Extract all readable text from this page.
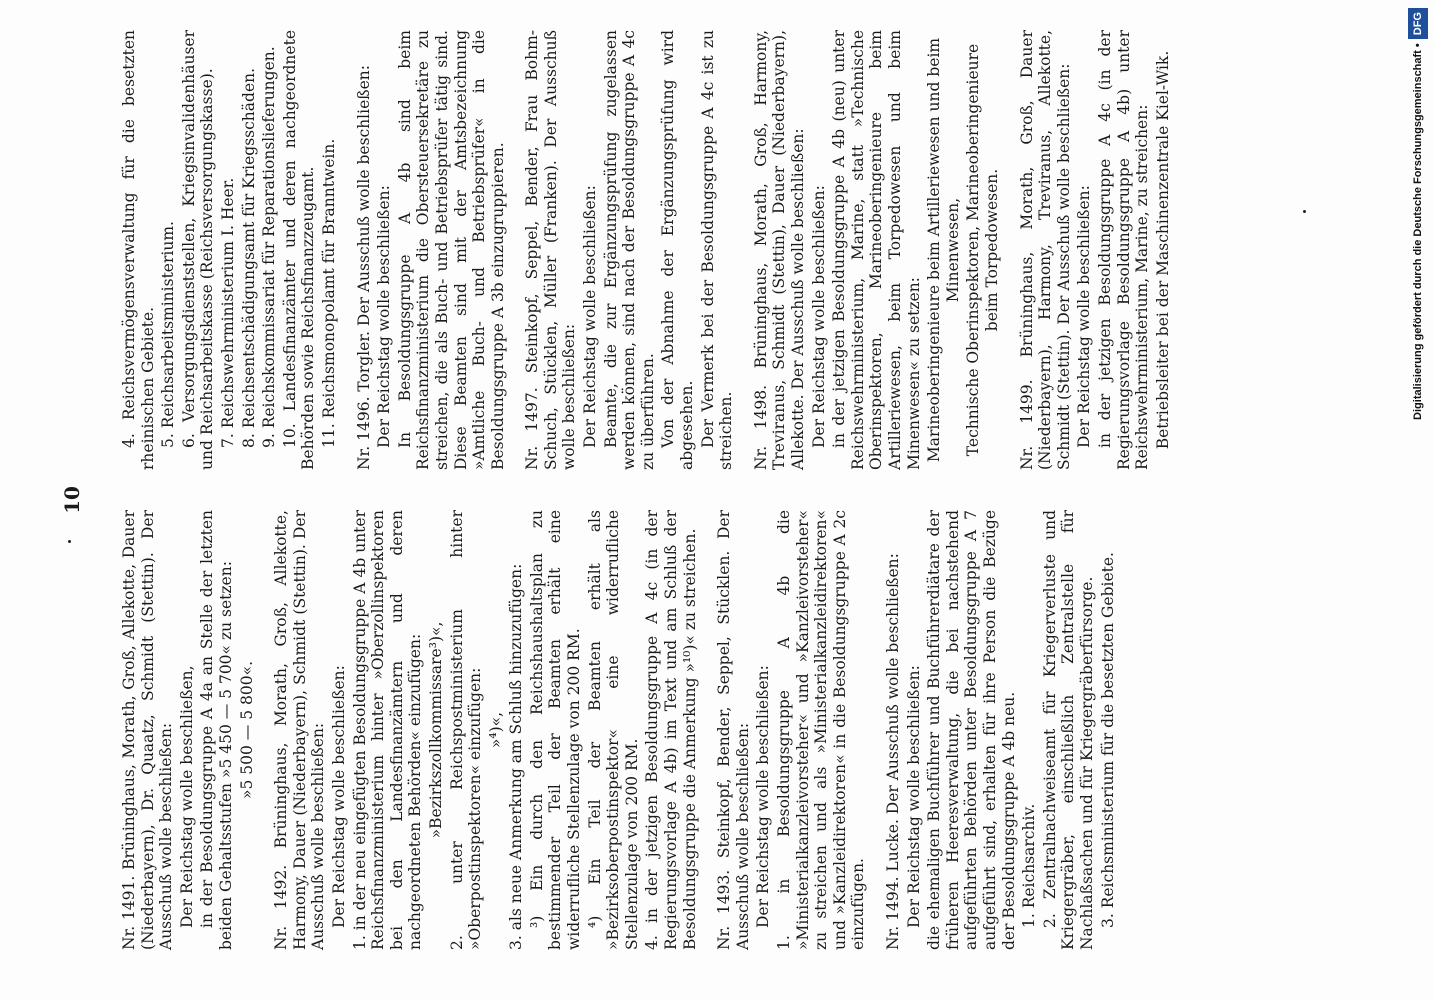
10

Nr. 1491. Brüninghaus, Morath, Groß, Allekotte, Dauer (Niederbayern), Dr. Quaatz, Schmidt (Stettin). Der Ausschuß wolle beschließen: Der Reichstag wolle beschließen, in der Besoldungsgruppe A 4a an Stelle der letzten beiden Gehaltsstufen »5 450 — 5 700« zu setzen: »5 500 — 5 800«. Nr. 1492. Brüninghaus, Morath, Groß, Allekotte, Harmony, Dauer (Niederbayern), Schmidt (Stettin). Der Ausschuß wolle beschließen: Der Reichstag wolle beschließen: 1. in der neu eingefügten Besoldungsgruppe A 4b unter Reichsfinanzministerium hinter »Oberzollinspektoren bei den Landesfinanzämtern und deren nachgeordneten Behörden« einzufügen: »Bezirkszollkommissare³)«, 2. unter Reichspostministerium hinter »Oberpostinspektoren« einzufügen: »⁴)«, 3. als neue Anmerkung am Schluß hinzuzufügen: ³) Ein durch den Reichshaushaltsplan zu bestimmender Teil der Beamten erhält eine widerrufliche Stellenzulage von 200 RM. ⁴) Ein Teil der Beamten erhält als »Bezirksoberpostinspektor« eine widerrufliche Stellenzulage von 200 RM. 4. in der jetzigen Besoldungsgruppe A 4c (in der Regierungsvorlage A 4b) im Text und am Schluß der Besoldungsgruppe die Anmerkung »¹⁰)« zu streichen. Nr. 1493. Steinkopf, Bender, Seppel, Stücklen. Der Ausschuß wolle beschließen: Der Reichstag wolle beschließen: 1. in Besoldungsgruppe A 4b die »Ministerialkanzleivorsteher« und »Kanzleivorsteher« zu streichen und als »Ministerialkanzleidirektoren« und »Kanzleidirektoren« in die Besoldungsgruppe A 2c einzufügen. Nr. 1494. Lucke. Der Ausschuß wolle beschließen: Der Reichstag wolle beschließen: die ehemaligen Buchführer und Buchführerdiätare der früheren Heeresverwaltung, die bei nachstehend aufgeführten Behörden unter Besoldungsgruppe A 7 aufgeführt sind, erhalten für ihre Person die Bezüge der Besoldungsgruppe A 4b neu. 1. Reichsarchiv. 2. Zentralnachweiseamt für Kriegerverluste und Kriegergräber, einschließlich Zentralstelle für Nachlaßsachen und für Kriegergräberfürsorge. 3. Reichsministerium für die besetzten Gebiete.

4. Reichsvermögensverwaltung für die besetzten rheinischen Gebiete. 5. Reichsarbeitsministerium. 6. Versorgungsdienststellen, Kriegsinvalidenhäuser und Reichsarbeitskasse (Reichsversorgungskasse). 7. Reichswehrministerium I. Heer. 8. Reichsentschädigungsamt für Kriegsschäden. 9. Reichskommissariat für Reparationslieferungen. 10. Landesfinanzämter und deren nachgeordnete Behörden sowie Reichsfinanzzeugamt. 11. Reichsmonopolamt für Branntwein. Nr. 1496. Torgler. Der Ausschuß wolle beschließen: Der Reichstag wolle beschließen: In Besoldungsgruppe A 4b sind beim Reichsfinanzministerium die Obersteuersekretäre zu streichen, die als Buch- und Betriebsprüfer tätig sind. Diese Beamten sind mit der Amtsbezeichnung »Amtliche Buch- und Betriebsprüfer« in die Besoldungsgruppe A 3b einzugruppieren. Nr. 1497. Steinkopf, Seppel, Bender, Frau Bohm-Schuch, Stücklen, Müller (Franken). Der Ausschuß wolle beschließen: Der Reichstag wolle beschließen: Beamte, die zur Ergänzungsprüfung zugelassen werden können, sind nach der Besoldungsgruppe A 4c zu überführen. Von der Abnahme der Ergänzungsprüfung wird abgesehen. Der Vermerk bei der Besoldungsgruppe A 4c ist zu streichen. Nr. 1498. Brüninghaus, Morath, Groß, Harmony, Treviranus, Schmidt (Stettin), Dauer (Niederbayern), Allekotte. Der Ausschuß wolle beschließen: Der Reichstag wolle beschließen: in der jetzigen Besoldungsgruppe A 4b (neu) unter Reichswehrministerium, Marine, statt »Technische Oberinspektoren, Marineoberingenieure beim Artilleriewesen, beim Torpedowesen und beim Minenwesen« zu setzen: Marineoberingenieure beim Artilleriewesen und beim Minenwesen, Technische Oberinspektoren, Marineoberingenieure beim Torpedowesen. Nr. 1499. Brüninghaus, Morath, Groß, Dauer (Niederbayern), Harmony, Treviranus, Allekotte, Schmidt (Stettin). Der Ausschuß wolle beschließen: Der Reichstag wolle beschließen: in der jetzigen Besoldungsgruppe A 4c (in der Regierungsvorlage Besoldungsgruppe A 4b) unter Reichswehrministerium, Marine, zu streichen: Betriebsleiter bei der Maschinenzentrale Kiel-Wik.	Digitalisierung gefördert durch die Deutsche Forschungsgemeinschaft •DFG
